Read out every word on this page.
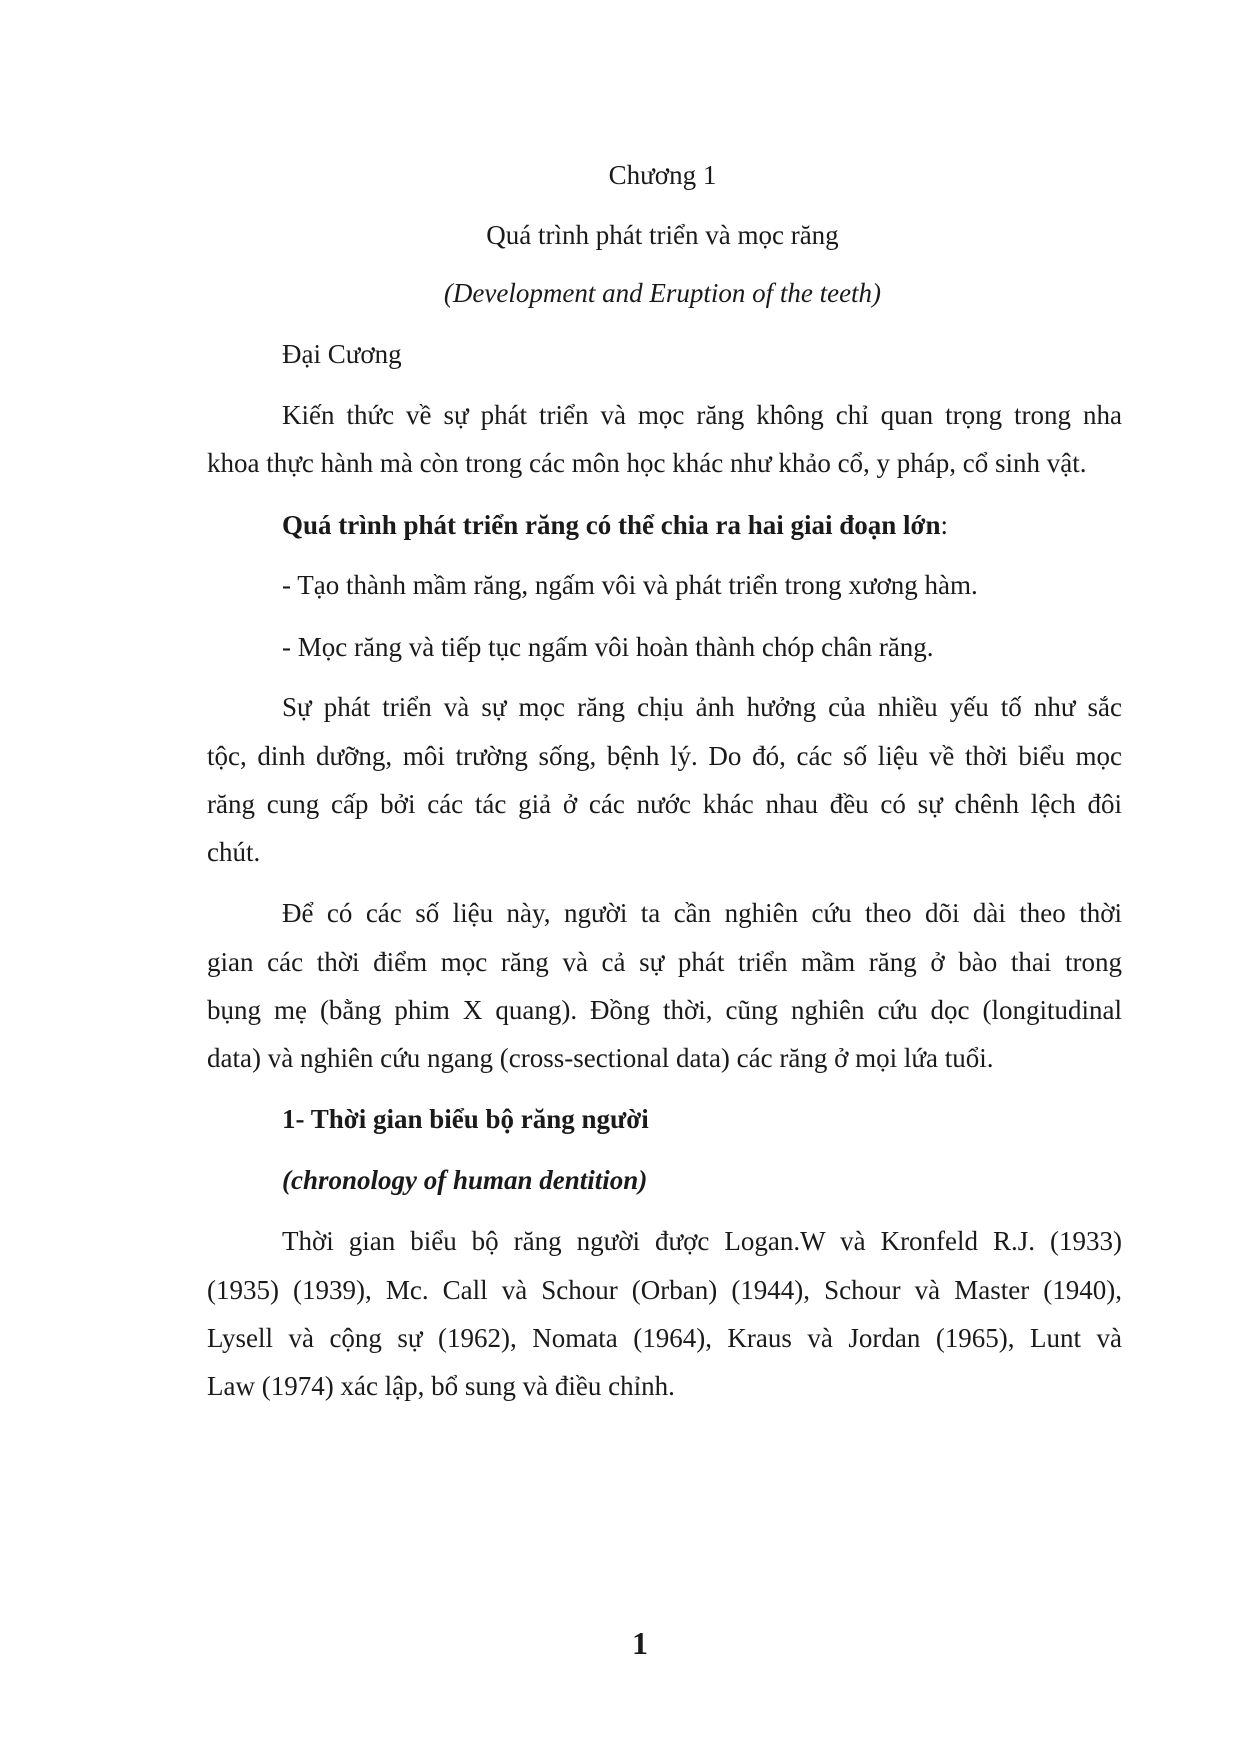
Chương 1
Quá trình phát triển và mọc răng
(Development and Eruption of the teeth)
Đại Cương
Kiến thức về sự phát triển và mọc răng không chỉ quan trọng trong nha
khoa thực hành mà còn trong các môn học khác như khảo cổ, y pháp, cổ sinh vật.
Quá trình phát triển răng có thể chia ra hai giai đoạn lớn:
- Tạo thành mầm răng, ngấm vôi và phát triển trong xương hàm.
- Mọc răng và tiếp tục ngấm vôi hoàn thành chóp chân răng.
Sự phát triển và sự mọc răng chịu ảnh hưởng của nhiều yếu tố như sắc
tộc, dinh dưỡng, môi trường sống, bệnh lý. Do đó, các số liệu về thời biểu mọc
răng cung cấp bởi các tác giả ở các nước khác nhau đều có sự chênh lệch đôi
chút.
Để có các số liệu này, người ta cần nghiên cứu theo dõi dài theo thời
gian các thời điểm mọc răng và cả sự phát triển mầm răng ở bào thai trong
bụng mẹ (bằng phim X quang). Đồng thời, cũng nghiên cứu dọc (longitudinal
data) và nghiên cứu ngang (cross-sectional data) các răng ở mọi lứa tuổi.
1- Thời gian biểu bộ răng người
(chronology of human dentition)
Thời gian biểu bộ răng người được Logan.W và Kronfeld R.J. (1933)
(1935) (1939), Mc. Call và Schour (Orban) (1944), Schour và Master (1940),
Lysell và cộng sự (1962), Nomata (1964), Kraus và Jordan (1965), Lunt và
Law (1974) xác lập, bổ sung và điều chỉnh.
1
